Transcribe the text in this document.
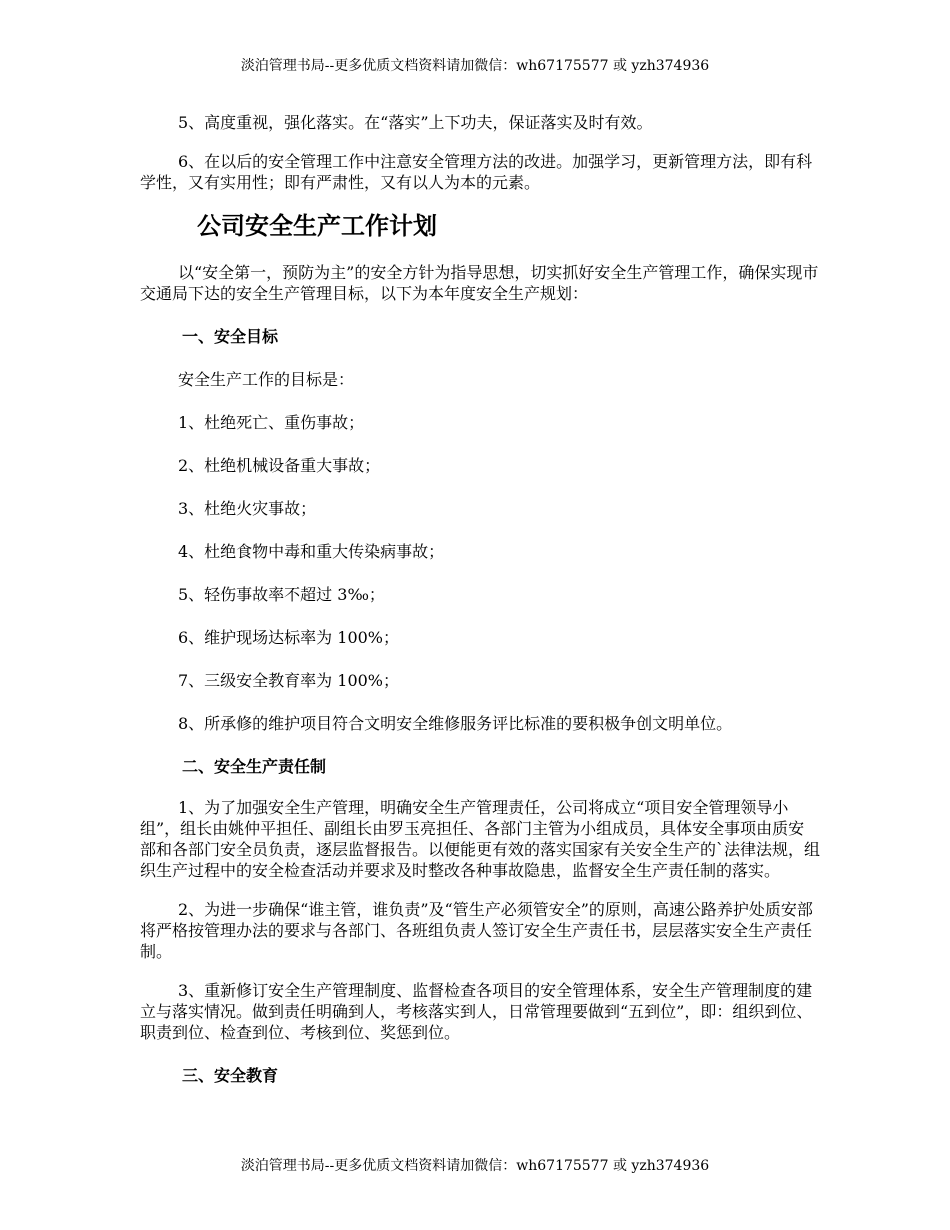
淡泊管理书局--更多优质文档资料请加微信：wh67175577 或 yzh374936

5、高度重视，强化落实。在“落实”上下功夫，保证落实及时有效。

6、在以后的安全管理工作中注意安全管理方法的改进。加强学习，更新管理方法，即有科学性，又有实用性；即有严肃性，又有以人为本的元素。

公司安全生产工作计划

以“安全第一，预防为主”的安全方针为指导思想，切实抓好安全生产管理工作，确保实现市交通局下达的安全生产管理目标，以下为本年度安全生产规划：

一、安全目标

安全生产工作的目标是：

1、杜绝死亡、重伤事故；

2、杜绝机械设备重大事故；

3、杜绝火灾事故；

4、杜绝食物中毒和重大传染病事故；

5、轻伤事故率不超过 3‰；

6、维护现场达标率为 100%；

7、三级安全教育率为 100%；

8、所承修的维护项目符合文明安全维修服务评比标准的要积极争创文明单位。

二、安全生产责任制

1、为了加强安全生产管理，明确安全生产管理责任，公司将成立“项目安全管理领导小组”，组长由姚仲平担任、副组长由罗玉亮担任、各部门主管为小组成员，具体安全事项由质安部和各部门安全员负责，逐层监督报告。以便能更有效的落实国家有关安全生产的`法律法规，组织生产过程中的安全检查活动并要求及时整改各种事故隐患，监督安全生产责任制的落实。

2、为进一步确保“谁主管，谁负责”及“管生产必须管安全”的原则，高速公路养护处质安部将严格按管理办法的要求与各部门、各班组负责人签订安全生产责任书，层层落实安全生产责任制。

3、重新修订安全生产管理制度、监督检查各项目的安全管理体系，安全生产管理制度的建立与落实情况。做到责任明确到人，考核落实到人，日常管理要做到“五到位”，即：组织到位、职责到位、检查到位、考核到位、奖惩到位。

三、安全教育
淡泊管理书局--更多优质文档资料请加微信：wh67175577 或 yzh374936
